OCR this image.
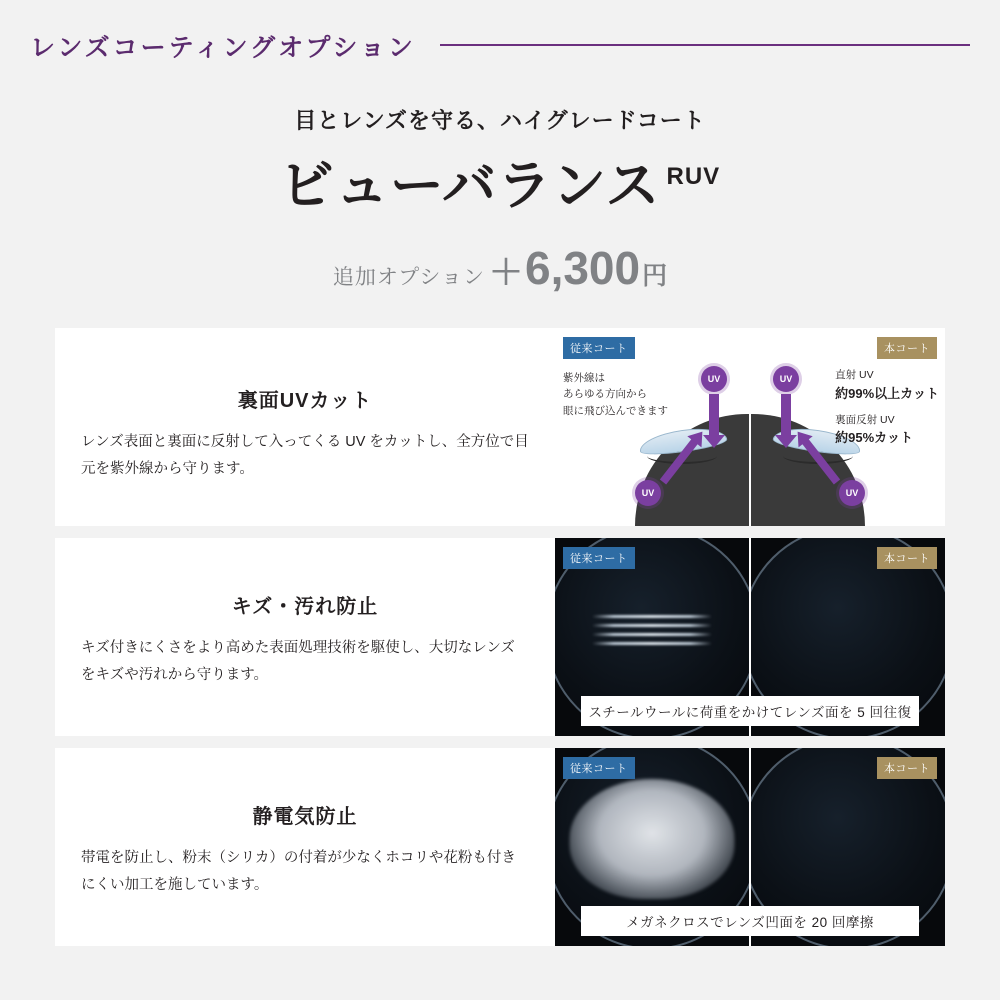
レンズコーティングオプション
目とレンズを守る、ハイグレードコート
ビューバランス RUV
追加オプション ＋ 6,300 円
裏面UVカット
レンズ表面と裏面に反射して入ってくる UV をカットし、全方位で目元を紫外線から守ります。
従来コート	本コート
紫外線は
あらゆる方向から
眼に飛び込んできます
直射 UV
約99%以上カット
裏面反射 UV
約95%カット
UV	UV
UV	UV
キズ・汚れ防止
キズ付きにくさをより高めた表面処理技術を駆使し、大切なレンズをキズや汚れから守ります。
従来コート	本コート
スチールウールに荷重をかけてレンズ面を 5 回往復
静電気防止
帯電を防止し、粉末（シリカ）の付着が少なくホコリや花粉も付きにくい加工を施しています。
従来コート	本コート
メガネクロスでレンズ凹面を 20 回摩擦
